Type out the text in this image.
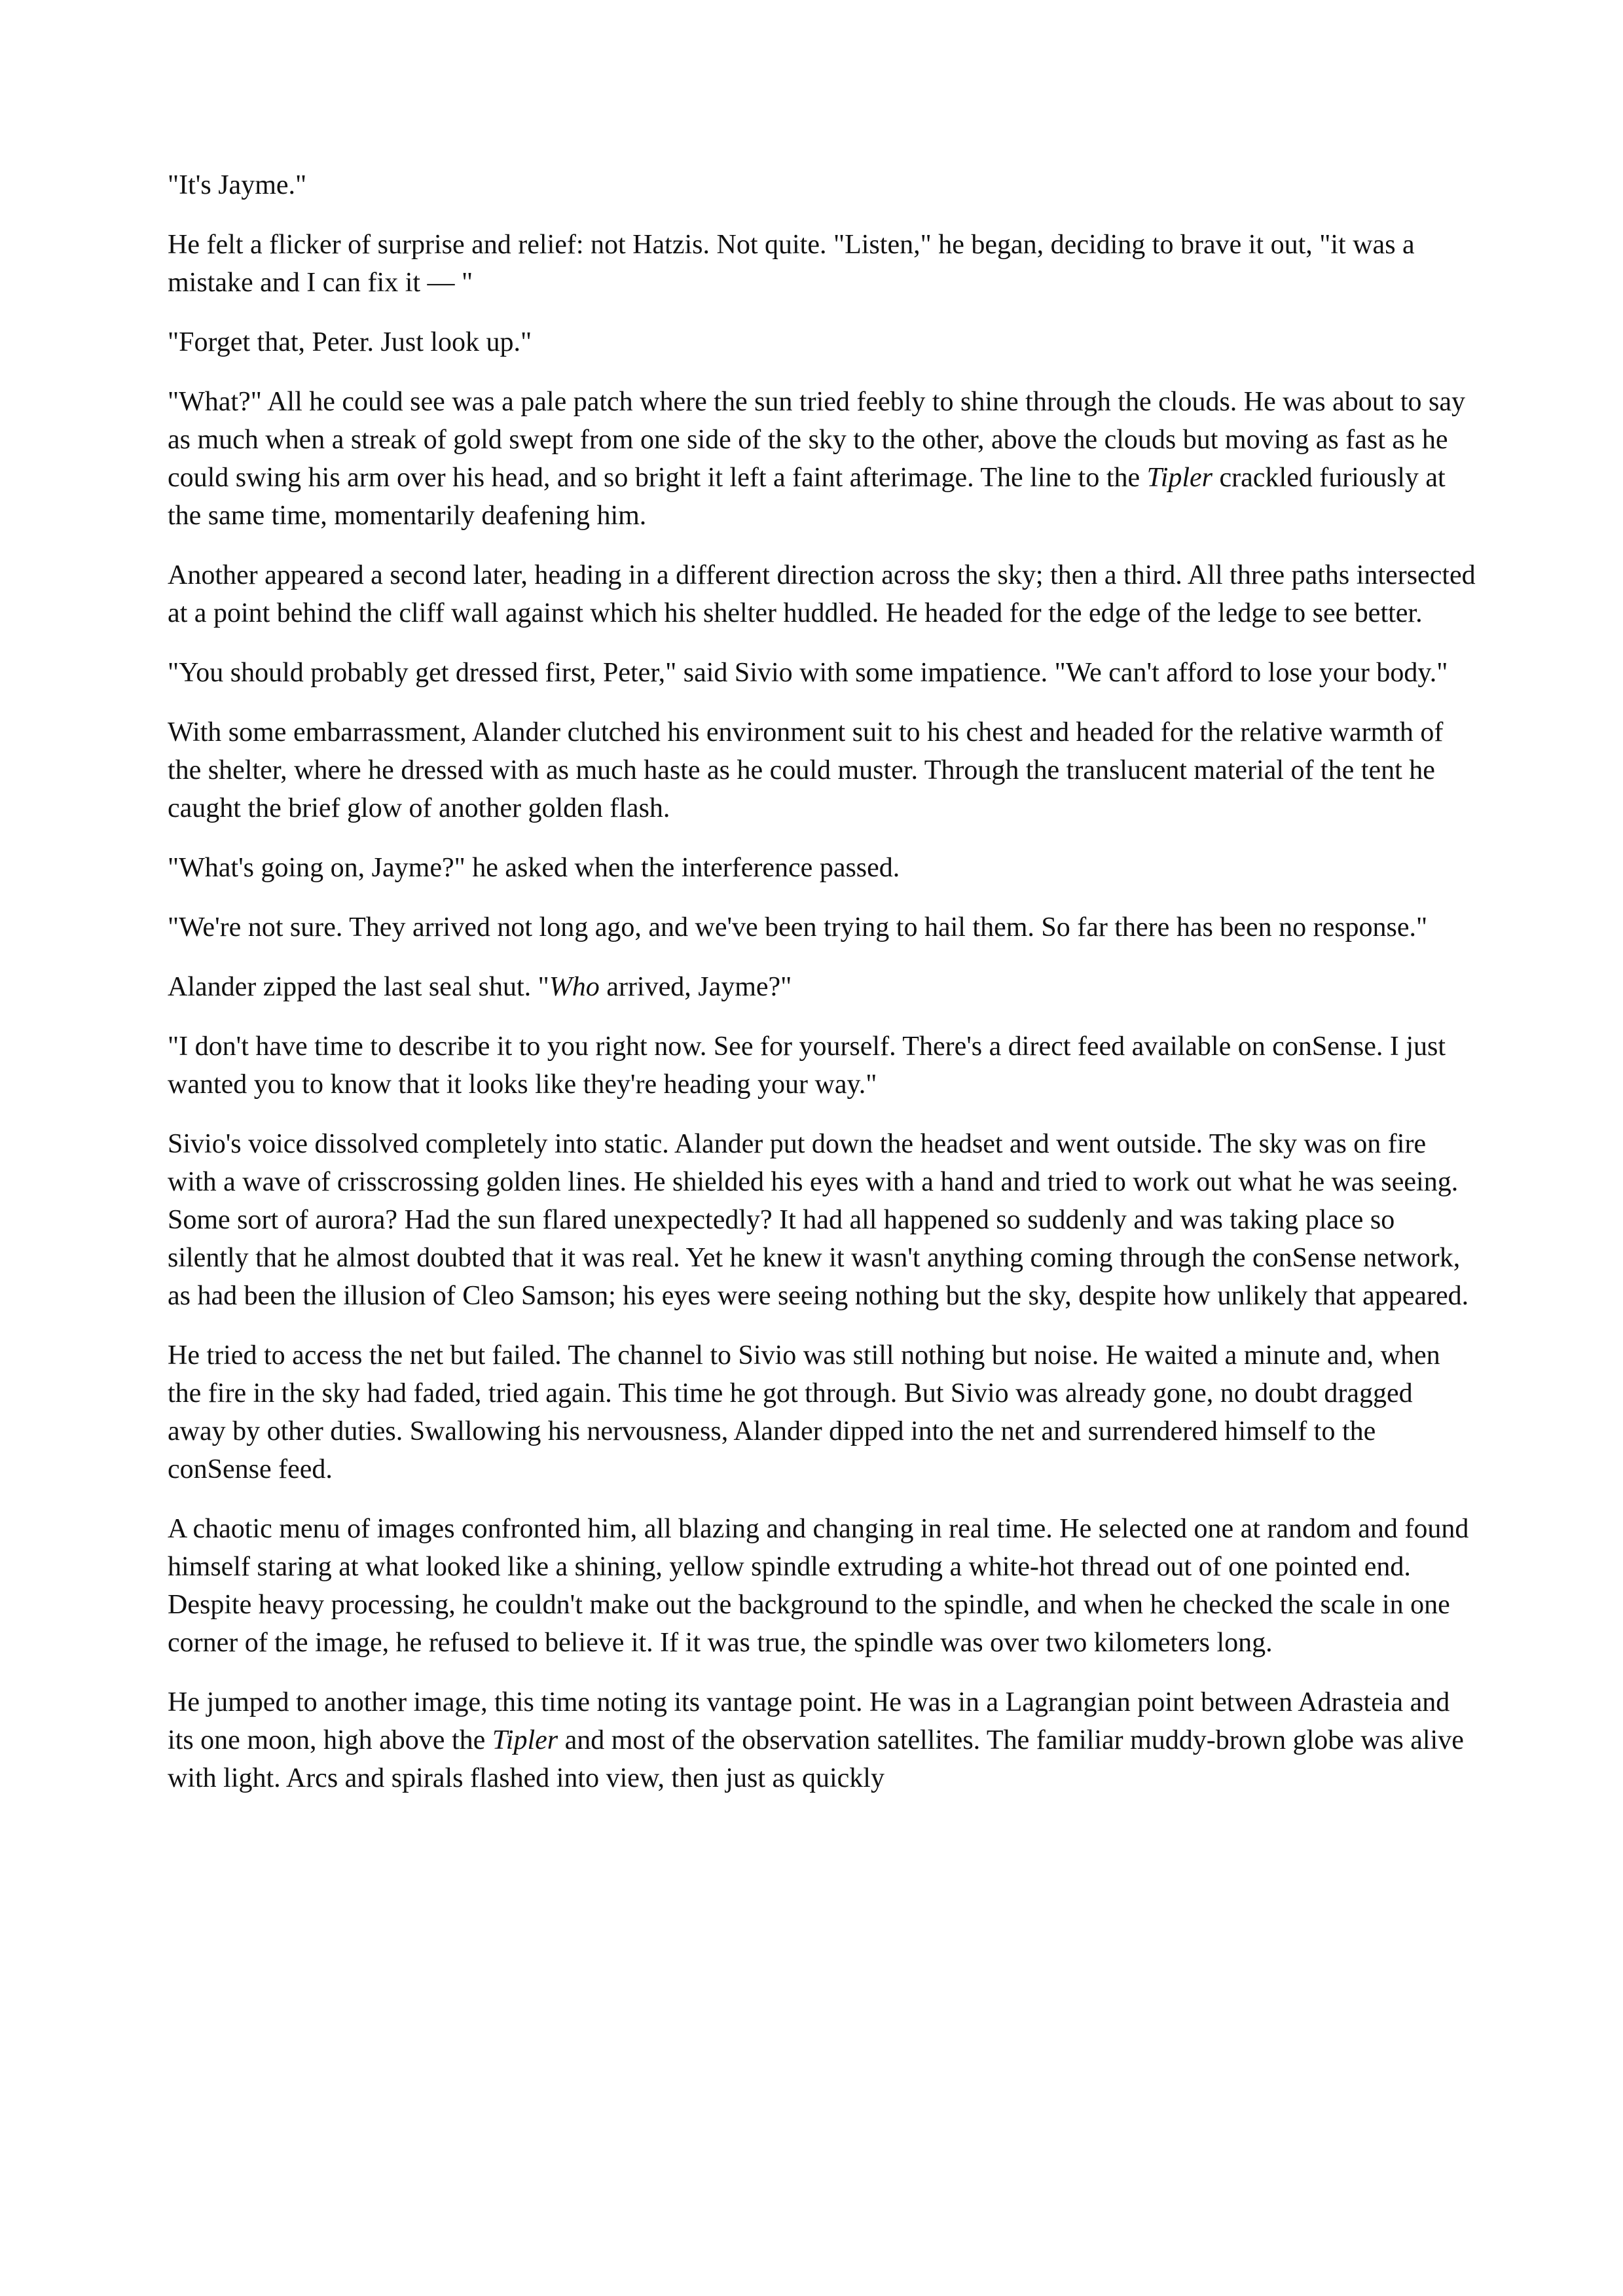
"It's Jayme."

He felt a flicker of surprise and relief: not Hatzis. Not quite. "Listen," he began, deciding to brave it out, "it was a mistake and I can fix it — "

"Forget that, Peter. Just look up."

"What?" All he could see was a pale patch where the sun tried feebly to shine through the clouds. He was about to say as much when a streak of gold swept from one side of the sky to the other, above the clouds but moving as fast as he could swing his arm over his head, and so bright it left a faint afterimage. The line to the Tipler crackled furiously at the same time, momentarily deafening him.

Another appeared a second later, heading in a different direction across the sky; then a third. All three paths intersected at a point behind the cliff wall against which his shelter huddled. He headed for the edge of the ledge to see better.

"You should probably get dressed first, Peter," said Sivio with some impatience. "We can't afford to lose your body."

With some embarrassment, Alander clutched his environment suit to his chest and headed for the relative warmth of the shelter, where he dressed with as much haste as he could muster. Through the translucent material of the tent he caught the brief glow of another golden flash.

"What's going on, Jayme?" he asked when the interference passed.

"We're not sure. They arrived not long ago, and we've been trying to hail them. So far there has been no response."

Alander zipped the last seal shut. "Who arrived, Jayme?"

"I don't have time to describe it to you right now. See for yourself. There's a direct feed available on conSense. I just wanted you to know that it looks like they're heading your way."

Sivio's voice dissolved completely into static. Alander put down the headset and went outside. The sky was on fire with a wave of crisscrossing golden lines. He shielded his eyes with a hand and tried to work out what he was seeing. Some sort of aurora? Had the sun flared unexpectedly? It had all happened so suddenly and was taking place so silently that he almost doubted that it was real. Yet he knew it wasn't anything coming through the conSense network, as had been the illusion of Cleo Samson; his eyes were seeing nothing but the sky, despite how unlikely that appeared.

He tried to access the net but failed. The channel to Sivio was still nothing but noise. He waited a minute and, when the fire in the sky had faded, tried again. This time he got through. But Sivio was already gone, no doubt dragged away by other duties. Swallowing his nervousness, Alander dipped into the net and surrendered himself to the conSense feed.

A chaotic menu of images confronted him, all blazing and changing in real time. He selected one at random and found himself staring at what looked like a shining, yellow spindle extruding a white-hot thread out of one pointed end. Despite heavy processing, he couldn't make out the background to the spindle, and when he checked the scale in one corner of the image, he refused to believe it. If it was true, the spindle was over two kilometers long.

He jumped to another image, this time noting its vantage point. He was in a Lagrangian point between Adrasteia and its one moon, high above the Tipler and most of the observation satellites. The familiar muddy-brown globe was alive with light. Arcs and spirals flashed into view, then just as quickly
